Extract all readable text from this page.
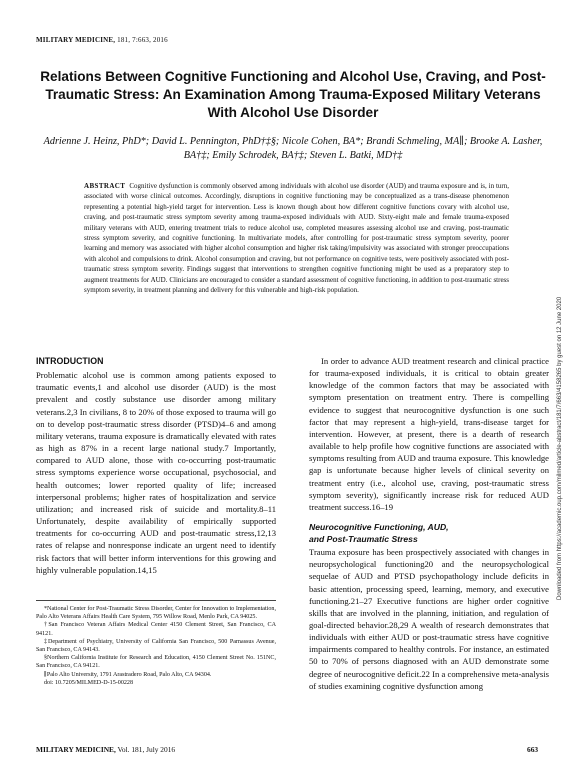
MILITARY MEDICINE, 181, 7:663, 2016
Relations Between Cognitive Functioning and Alcohol Use, Craving, and Post-Traumatic Stress: An Examination Among Trauma-Exposed Military Veterans With Alcohol Use Disorder
Adrienne J. Heinz, PhD*; David L. Pennington, PhD†‡§; Nicole Cohen, BA*; Brandi Schmeling, MA∥; Brooke A. Lasher, BA†‡; Emily Schrodek, BA†‡; Steven L. Batki, MD†‡
ABSTRACT Cognitive dysfunction is commonly observed among individuals with alcohol use disorder (AUD) and trauma exposure and is, in turn, associated with worse clinical outcomes. Accordingly, disruptions in cognitive functioning may be conceptualized as a trans-disease phenomenon representing a potential high-yield target for intervention. Less is known though about how different cognitive functions covary with alcohol use, craving, and post-traumatic stress symptom severity among trauma-exposed individuals with AUD. Sixty-eight male and female trauma-exposed military veterans with AUD, entering treatment trials to reduce alcohol use, completed measures assessing alcohol use and craving, post-traumatic stress symptom severity, and cognitive functioning. In multivariate models, after controlling for post-traumatic stress symptom severity, poorer learning and memory was associated with higher alcohol consumption and higher risk taking/impulsivity was associated with stronger preoccupations with alcohol and compulsions to drink. Alcohol consumption and craving, but not performance on cognitive tests, were positively associated with post-traumatic stress symptom severity. Findings suggest that interventions to strengthen cognitive functioning might be used as a preparatory step to augment treatments for AUD. Clinicians are encouraged to consider a standard assessment of cognitive functioning, in addition to post-traumatic stress symptom severity, in treatment planning and delivery for this vulnerable and high-risk population.
Downloaded from https://academic.oup.com/milmed/article-abstract/181/7/663/4158265 by guest on 12 June 2020
INTRODUCTION

Problematic alcohol use is common among patients exposed to traumatic events,1 and alcohol use disorder (AUD) is the most prevalent and costly substance use disorder among military veterans.2,3 In civilians, 8 to 20% of those exposed to trauma will go on to develop post-traumatic stress disorder (PTSD)4–6 and among military veterans, trauma exposure is dramatically elevated with rates as high as 87% in a recent large national study.7 Importantly, compared to AUD alone, those with co-occurring post-traumatic stress symptoms experience worse occupational, psychosocial, and health outcomes; lower reported quality of life; increased interpersonal problems; higher rates of hospitalization and service utilization; and increased risk of suicide and mortality.8–11 Unfortunately, despite availability of empirically supported treatments for co-occurring AUD and post-traumatic stress,12,13 rates of relapse and nonresponse indicate an urgent need to identify risk factors that will better inform interventions for this growing and highly vulnerable population.14,15

In order to advance AUD treatment research and clinical practice for trauma-exposed individuals, it is critical to obtain greater knowledge of the common factors that may be associated with symptom presentation on treatment entry. There is compelling evidence to suggest that neurocognitive dysfunction is one such factor that may represent a high-yield, trans-disease target for intervention. However, at present, there is a dearth of research available to help profile how cognitive functions are associated with symptoms resulting from AUD and trauma exposure. This knowledge gap is unfortunate because higher levels of clinical severity on treatment entry (i.e., alcohol use, craving, post-traumatic stress symptom severity), significantly increase risk for reduced AUD treatment success.16–19

Neurocognitive Functioning, AUD,
and Post-Traumatic Stress

Trauma exposure has been prospectively associated with changes in neuropsychological functioning20 and the neuropsychological sequelae of AUD and PTSD psychopathology include deficits in basic attention, processing speed, learning, memory, and executive functioning.21–27 Executive functions are higher order cognitive skills that are involved in the planning, initiation, and regulation of goal-directed behavior.28,29 A wealth of research demonstrates that individuals with either AUD or post-traumatic stress have cognitive impairments compared to healthy controls. For instance, an estimated 50 to 70% of persons diagnosed with an AUD demonstrate some degree of neurocognitive deficit.22 In a comprehensive meta-analysis of studies examining cognitive dysfunction among

*National Center for Post-Traumatic Stress Disorder, Center for Innovation to Implementation, Palo Alto Veterans Affairs Health Care System, 795 Willow Road, Menlo Park, CA 94025.

†San Francisco Veteran Affairs Medical Center 4150 Clement Street, San Francisco, CA 94121.

‡Department of Psychiatry, University of California San Francisco, 500 Parnassus Avenue, San Francisco, CA 94143.

§Northern California Institute for Research and Education, 4150 Clement Street No. 151NC, San Francisco, CA 94121.

∥Palo Alto University, 1791 Arastradero Road, Palo Alto, CA 94304.

doi: 10.7205/MILMED-D-15-00228

MILITARY MEDICINE, Vol. 181, July 2016	663
